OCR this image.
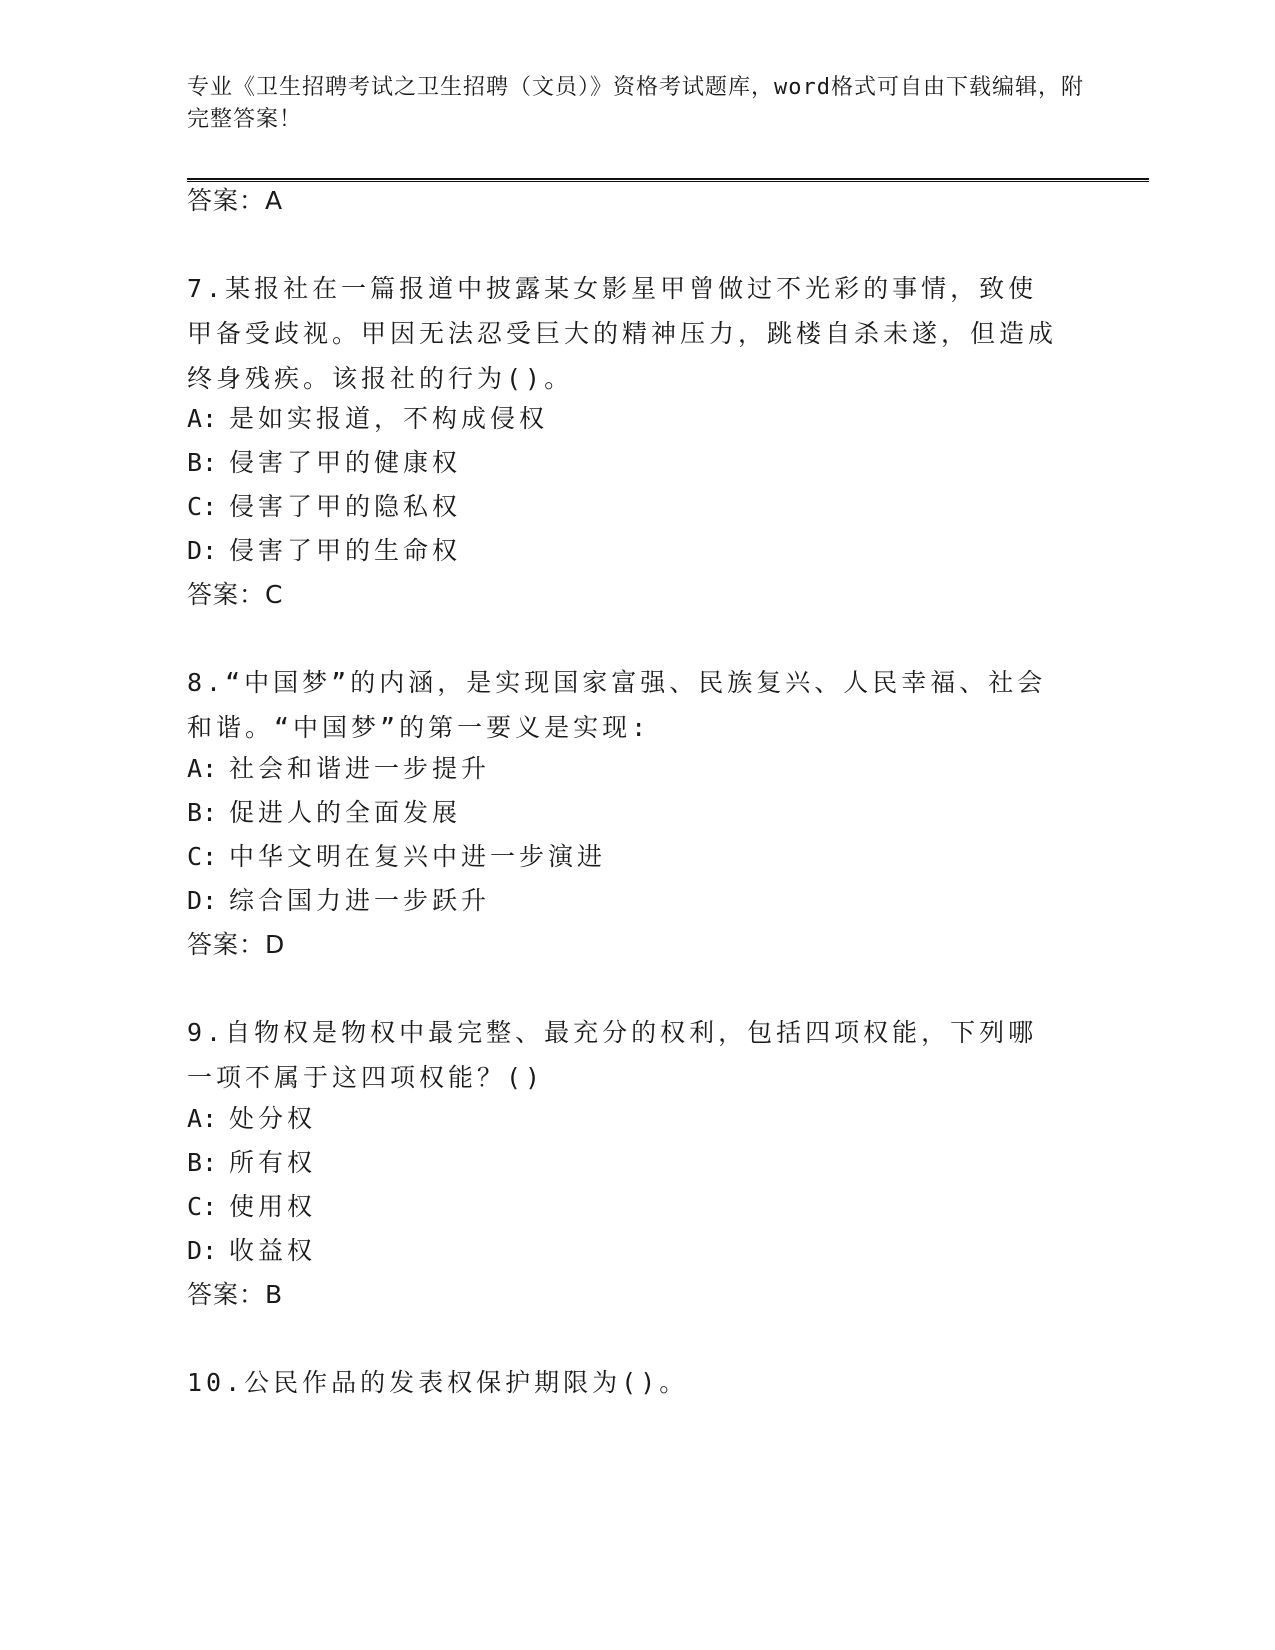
专业《卫生招聘考试之卫生招聘（文员）》资格考试题库，word格式可自由下载编辑，附完整答案！
答案：A
7.某报社在一篇报道中披露某女影星甲曾做过不光彩的事情，致使甲备受歧视。甲因无法忍受巨大的精神压力，跳楼自杀未遂，但造成终身残疾。该报社的行为()。
A: 是如实报道，不构成侵权
B: 侵害了甲的健康权
C: 侵害了甲的隐私权
D: 侵害了甲的生命权
答案：C
8.“中国梦”的内涵，是实现国家富强、民族复兴、人民幸福、社会和谐。“中国梦”的第一要义是实现:
A: 社会和谐进一步提升
B: 促进人的全面发展
C: 中华文明在复兴中进一步演进
D: 综合国力进一步跃升
答案：D
9.自物权是物权中最完整、最充分的权利，包括四项权能，下列哪一项不属于这四项权能？()
A: 处分权
B: 所有权
C: 使用权
D: 收益权
答案：B
10.公民作品的发表权保护期限为()。
